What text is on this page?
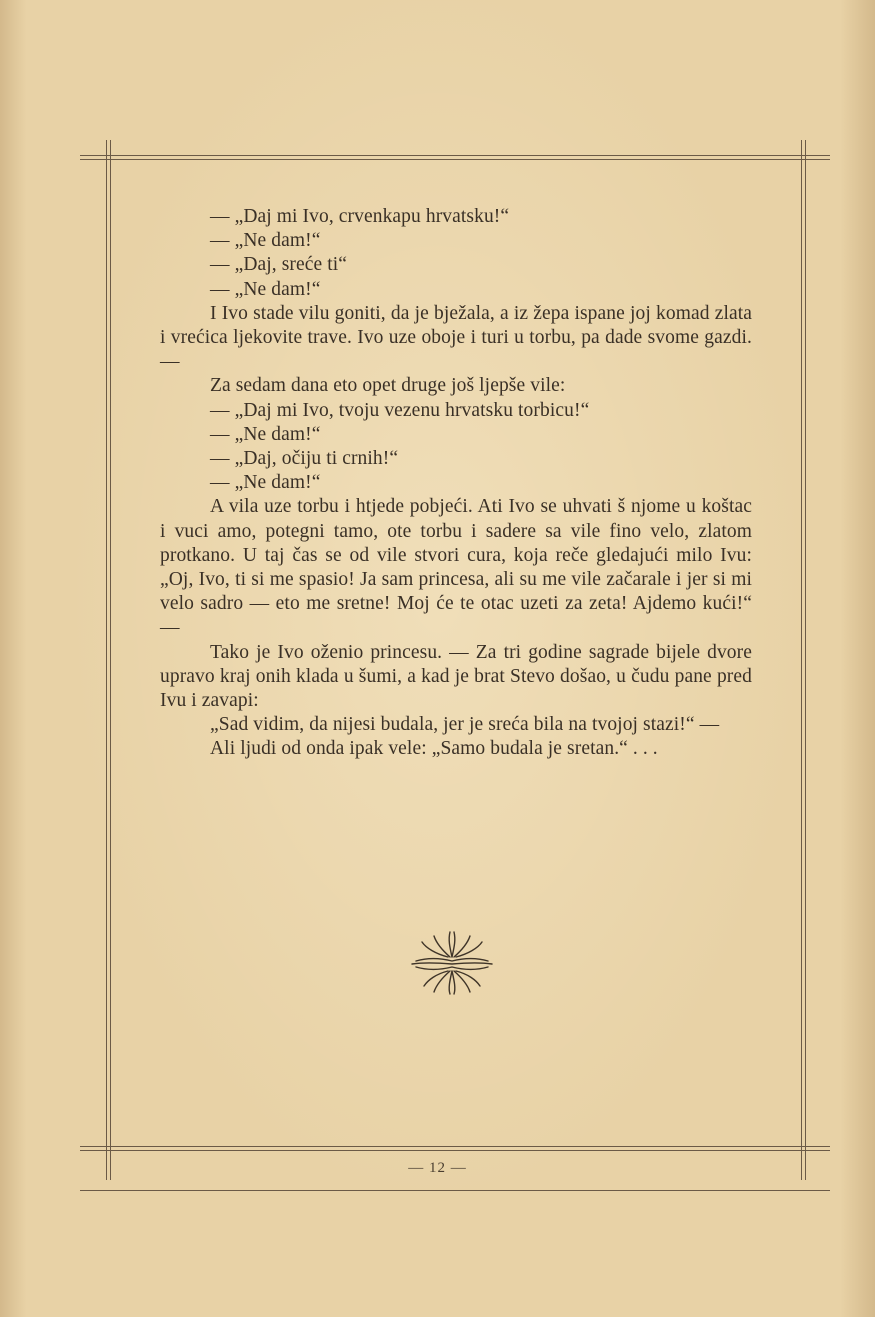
— „Daj mi Ivo, crvenkapu hrvatsku!“

— „Ne dam!“

— „Daj, sreće ti“

— „Ne dam!“

I Ivo stade vilu goniti, da je bježala, a iz žepa ispane joj komad zlata i vrećica ljekovite trave. Ivo uze oboje i turi u torbu, pa dade svome gazdi. —

Za sedam dana eto opet druge još ljepše vile:

— „Daj mi Ivo, tvoju vezenu hrvatsku torbicu!“

— „Ne dam!“

— „Daj, očiju ti crnih!“

— „Ne dam!“

A vila uze torbu i htjede pobjeći. Ati Ivo se uhvati š njome u koštac i vuci amo, potegni tamo, ote torbu i sadere sa vile fino velo, zlatom protkano. U taj čas se od vile stvori cura, koja reče gledajući milo Ivu: „Oj, Ivo, ti si me spasio! Ja sam princesa, ali su me vile začarale i jer si mi velo sadro — eto me sretne! Moj će te otac uzeti za zeta! Ajdemo kući!“ —

Tako je Ivo oženio princesu. — Za tri godine sagrade bijele dvore upravo kraj onih klada u šumi, a kad je brat Stevo došao, u čudu pane pred Ivu i zavapi:

„Sad vidim, da nijesi budala, jer je sreća bila na tvojoj stazi!“ —

Ali ljudi od onda ipak vele: „Samo budala je sretan.“ . . .

— 12 —
